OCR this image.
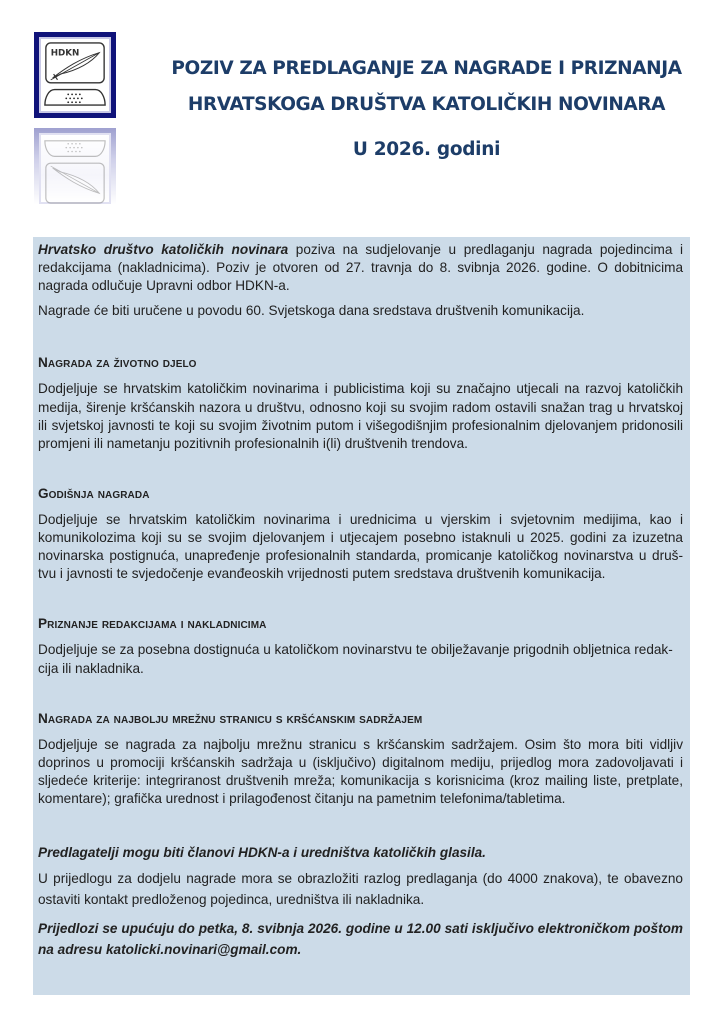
HDKN
POZIV ZA PREDLAGANJE ZA NAGRADE I PRIZNANJA
HRVATSKOGA DRUŠTVA KATOLIČKIH NOVINARA
U 2026. godini

Hrvatsko društvo katoličkih novinara poziva na sudjelovanje u predlaganju nagrada pojedincima i redakcijama (nakladnicima). Poziv je otvoren od 27. travnja do 8. svibnja 2026. godine. O dobitnicima nagrada odlučuje Upravni odbor HDKN-a.

Nagrade će biti uručene u povodu 60. Svjetskoga dana sredstava društvenih komunikacija.

Nagrada za životno djelo

Dodjeljuje se hrvatskim katoličkim novinarima i publicistima koji su značajno utjecali na razvoj katoličkih medija, širenje kršćanskih nazora u društvu, odnosno koji su svojim radom ostavili snažan trag u hrvatskoj ili svjetskoj javnosti te koji su svojim životnim putom i višegodišnjim profesionalnim djelovanjem pridonosili promjeni ili nametanju pozitivnih profesionalnih i(li) društvenih trendova.

Godišnja nagrada

Dodjeljuje se hrvatskim katoličkim novinarima i urednicima u vjerskim i svjetovnim medijima, kao i komunikolozima koji su se svojim djelovanjem i utjecajem posebno istaknuli u 2025. godini za izuzetna novinarska postignuća, unapređenje profesionalnih standarda, promicanje katoličkog novinarstva u druš-tvu i javnosti te svjedočenje evanđeoskih vrijednosti putem sredstava društvenih komunikacija.

Priznanje redakcijama i nakladnicima

Dodjeljuje se za posebna dostignuća u katoličkom novinarstvu te obilježavanje prigodnih obljetnica redak-cija ili nakladnika.

Nagrada za najbolju mrežnu stranicu s kršćanskim sadržajem

Dodjeljuje se nagrada za najbolju mrežnu stranicu s kršćanskim sadržajem. Osim što mora biti vidljiv doprinos u promociji kršćanskih sadržaja u (isključivo) digitalnom mediju, prijedlog mora zadovoljavati i sljedeće kriterije: integriranost društvenih mreža; komunikacija s korisnicima (kroz mailing liste, pretplate, komentare); grafička urednost i prilagođenost čitanju na pametnim telefonima/tabletima.

Predlagatelji mogu biti članovi HDKN-a i uredništva katoličkih glasila.

U prijedlogu za dodjelu nagrade mora se obrazložiti razlog predlaganja (do 4000 znakova), te obavezno ostaviti kontakt predloženog pojedinca, uredništva ili nakladnika.

Prijedlozi se upućuju do petka, 8. svibnja 2026. godine u 12.00 sati isključivo elektroničkom poštom na adresu katolicki.novinari@gmail.com.
